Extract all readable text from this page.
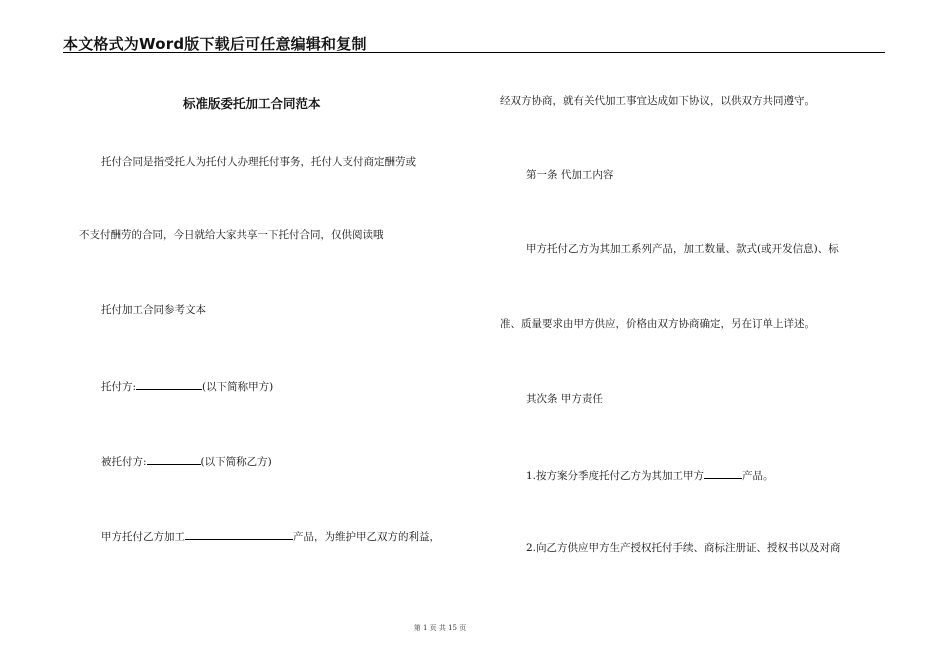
本文格式为Word版下载后可任意编辑和复制
标准版委托加工合同范本
托付合同是指受托人为托付人办理托付事务，托付人支付商定酬劳或
不支付酬劳的合同，今日就给大家共享一下托付合同，仅供阅读哦
托付加工合同参考文本
托付方:	(以下简称甲方)
被托付方:	(以下简称乙方)
甲方托付乙方加工	产品，为维护甲乙双方的利益，
经双方协商，就有关代加工事宜达成如下协议，以供双方共同遵守。
第一条 代加工内容
甲方托付乙方为其加工系列产品，加工数量、款式(或开发信息)、标
准、质量要求由甲方供应，价格由双方协商确定，另在订单上详述。
其次条 甲方责任
1.按方案分季度托付乙方为其加工甲方	产品。
2.向乙方供应甲方生产授权托付手续、商标注册证、授权书以及对商
第 1 页 共 15 页
